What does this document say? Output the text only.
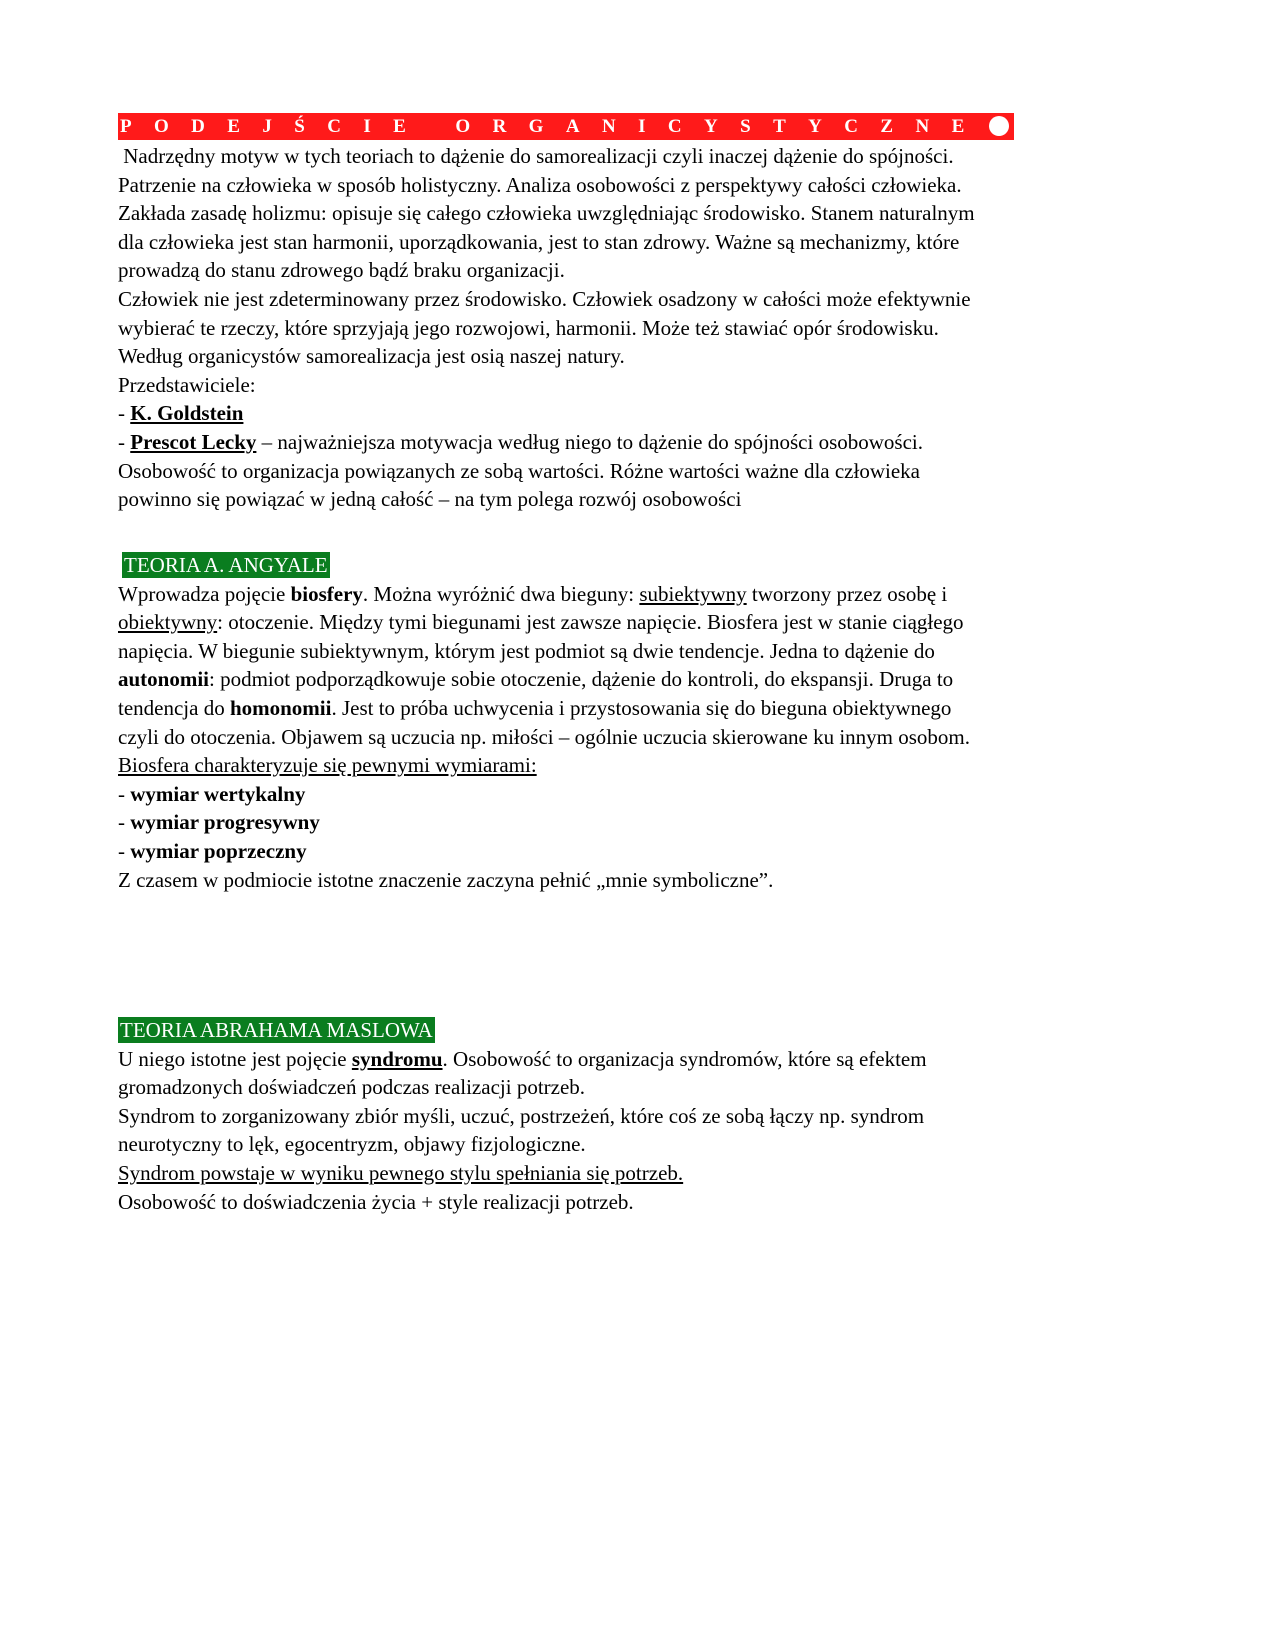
PODEJŚCIE ORGANICYSTYCZNE
Nadrzędny motyw w tych teoriach to dążenie do samorealizacji czyli inaczej dążenie do spójności.
Patrzenie na człowieka w sposób holistyczny. Analiza osobowości z perspektywy całości człowieka.
Zakłada zasadę holizmu: opisuje się całego człowieka uwzględniając środowisko. Stanem naturalnym
dla człowieka jest stan harmonii, uporządkowania, jest to stan zdrowy. Ważne są mechanizmy, które
prowadzą do stanu zdrowego bądź braku organizacji.
Człowiek nie jest zdeterminowany przez środowisko. Człowiek osadzony w całości może efektywnie
wybierać te rzeczy, które sprzyjają jego rozwojowi, harmonii. Może też stawiać opór środowisku.
Według organicystów samorealizacja jest osią naszej natury.
Przedstawiciele:
- K. Goldstein
- Prescot Lecky – najważniejsza motywacja według niego to dążenie do spójności osobowości.
Osobowość to organizacja powiązanych ze sobą wartości. Różne wartości ważne dla człowieka
powinno się powiązać w jedną całość – na tym polega rozwój osobowości
TEORIA A. ANGYALE
Wprowadza pojęcie biosfery. Można wyróżnić dwa bieguny: subiektywny tworzony przez osobę i
obiektywny: otoczenie. Między tymi biegunami jest zawsze napięcie. Biosfera jest w stanie ciągłego
napięcia. W biegunie subiektywnym, którym jest podmiot są dwie tendencje. Jedna to dążenie do
autonomii: podmiot podporządkowuje sobie otoczenie, dążenie do kontroli, do ekspansji. Druga to
tendencja do homonomii. Jest to próba uchwycenia i przystosowania się do bieguna obiektywnego
czyli do otoczenia. Objawem są uczucia np. miłości – ogólnie uczucia skierowane ku innym osobom.
Biosfera charakteryzuje się pewnymi wymiarami:
- wymiar wertykalny
- wymiar progresywny
- wymiar poprzeczny
Z czasem w podmiocie istotne znaczenie zaczyna pełnić „mnie symboliczne”.
TEORIA ABRAHAMA MASLOWA
U niego istotne jest pojęcie syndromu. Osobowość to organizacja syndromów, które są efektem
gromadzonych doświadczeń podczas realizacji potrzeb.
Syndrom to zorganizowany zbiór myśli, uczuć, postrzeżeń, które coś ze sobą łączy np. syndrom
neurotyczny to lęk, egocentryzm, objawy fizjologiczne.
Syndrom powstaje w wyniku pewnego stylu spełniania się potrzeb.
Osobowość to doświadczenia życia + style realizacji potrzeb.
